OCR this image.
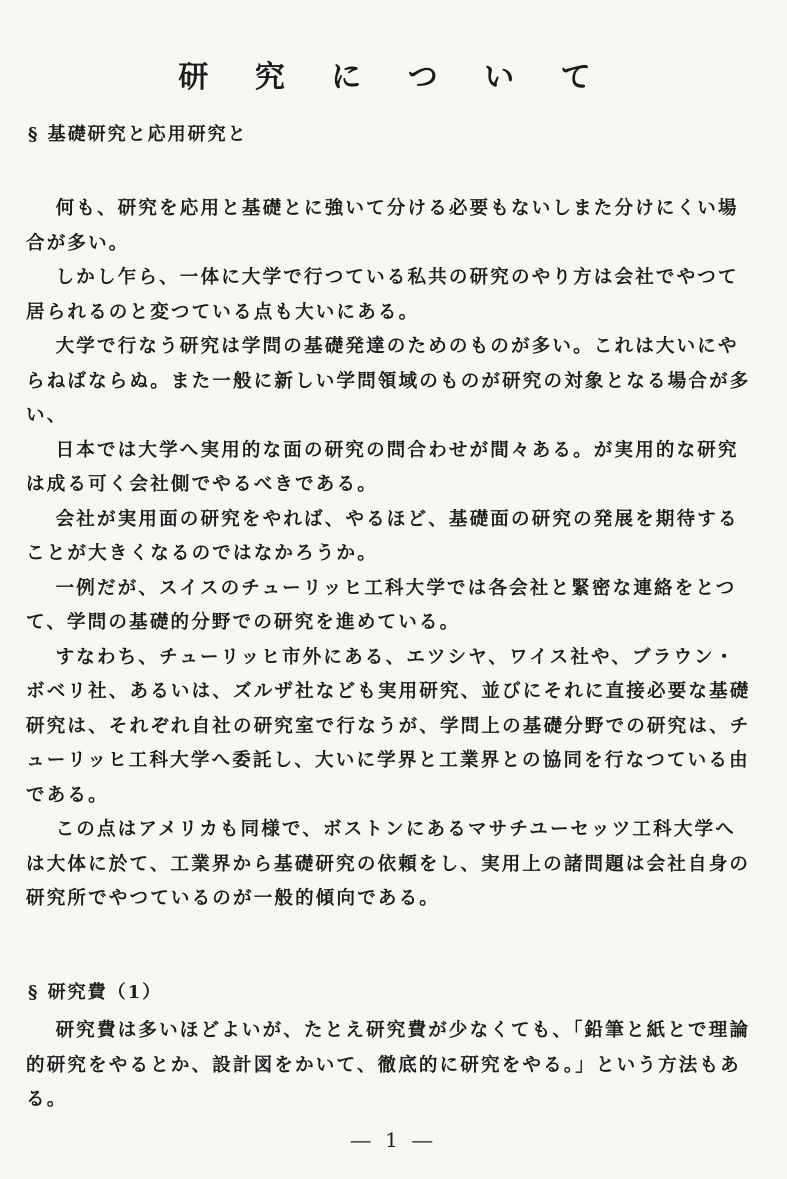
研 究 に つ い て
§ 基礎研究と応用研究と

何も、研究を応用と基礎とに強いて分ける必要もないしまた分けにくい場合が多い。

しかし乍ら、一体に大学で行つている私共の研究のやり方は会社でやつて居られるのと変つている点も大いにある。

大学で行なう研究は学問の基礎発達のためのものが多い。これは大いにやらねばならぬ。また一般に新しい学問領域のものが研究の対象となる場合が多い、

日本では大学へ実用的な面の研究の問合わせが間々ある。が実用的な研究は成る可く会社側でやるべきである。

会社が実用面の研究をやれば、やるほど、基礎面の研究の発展を期待することが大きくなるのではなかろうか。

一例だが、スイスのチューリッヒ工科大学では各会社と緊密な連絡をとつて、学問の基礎的分野での研究を進めている。

すなわち、チューリッヒ市外にある、エツシヤ、ワイス社や、ブラウン・ボベリ社、あるいは、ズルザ社なども実用研究、並びにそれに直接必要な基礎研究は、それぞれ自社の研究室で行なうが、学問上の基礎分野での研究は、チューリッヒ工科大学へ委託し、大いに学界と工業界との協同を行なつている由である。

この点はアメリカも同様で、ボストンにあるマサチユーセッツ工科大学へは大体に於て、工業界から基礎研究の依頼をし、実用上の諸問題は会社自身の研究所でやつているのが一般的傾向である。

§ 研究費（1）

研究費は多いほどよいが、たとえ研究費が少なくても、「鉛筆と紙とで理論的研究をやるとか、設計図をかいて、徹底的に研究をやる。」という方法もある。

― 1 ―
